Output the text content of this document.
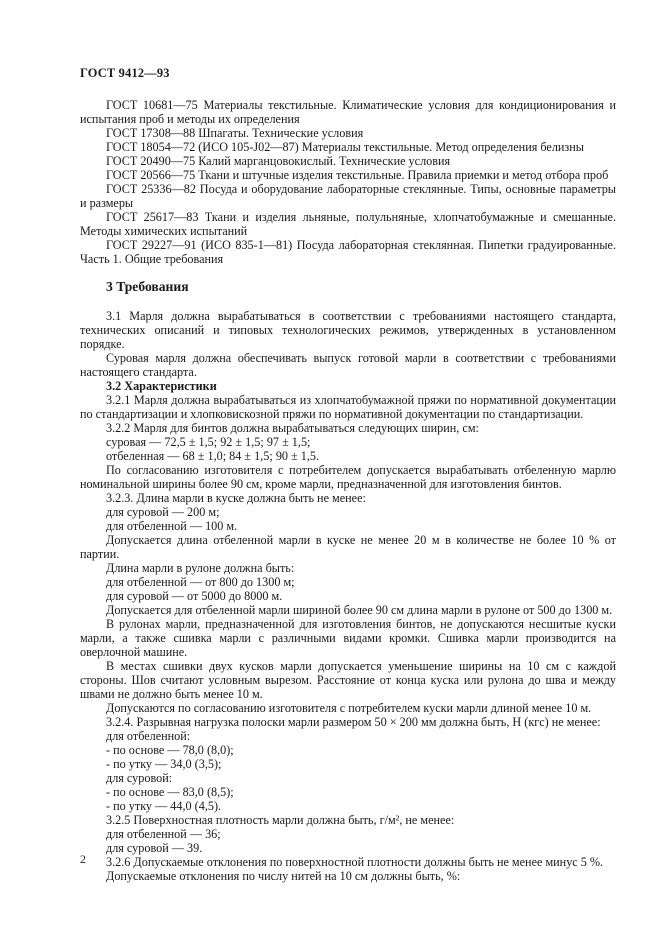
ГОСТ 9412—93

ГОСТ 10681—75 Материалы текстильные. Климатические условия для кондиционирования и испытания проб и методы их определения

ГОСТ 17308—88 Шпагаты. Технические условия

ГОСТ 18054—72 (ИСО 105-J02—87) Материалы текстильные. Метод определения белизны

ГОСТ 20490—75 Калий марганцовокислый. Технические условия

ГОСТ 20566—75 Ткани и штучные изделия текстильные. Правила приемки и метод отбора проб

ГОСТ 25336—82 Посуда и оборудование лабораторные стеклянные. Типы, основные параметры и размеры

ГОСТ 25617—83 Ткани и изделия льняные, полульняные, хлопчатобумажные и смешанные. Методы химических испытаний

ГОСТ 29227—91 (ИСО 835-1—81) Посуда лабораторная стеклянная. Пипетки градуированные. Часть 1. Общие требования

3 Требования

3.1 Марля должна вырабатываться в соответствии с требованиями настоящего стандарта, технических описаний и типовых технологических режимов, утвержденных в установленном порядке.

Суровая марля должна обеспечивать выпуск готовой марли в соответствии с требованиями настоящего стандарта.

3.2 Характеристики

3.2.1 Марля должна вырабатываться из хлопчатобумажной пряжи по нормативной документации по стандартизации и хлопковискозной пряжи по нормативной документации по стандартизации.

3.2.2 Марля для бинтов должна вырабатываться следующих ширин, см:

суровая — 72,5 ± 1,5; 92 ± 1,5; 97 ± 1,5;

отбеленная — 68 ± 1,0; 84 ± 1,5; 90 ± 1,5.

По согласованию изготовителя с потребителем допускается вырабатывать отбеленную марлю номинальной ширины более 90 см, кроме марли, предназначенной для изготовления бинтов.

3.2.3. Длина марли в куске должна быть не менее:

для суровой — 200 м;

для отбеленной — 100 м.

Допускается длина отбеленной марли в куске не менее 20 м в количестве не более 10 % от партии.

Длина марли в рулоне должна быть:

для отбеленной — от 800 до 1300 м;

для суровой — от 5000 до 8000 м.

Допускается для отбеленной марли шириной более 90 см длина марли в рулоне от 500 до 1300 м.

В рулонах марли, предназначенной для изготовления бинтов, не допускаются несшитые куски марли, а также сшивка марли с различными видами кромки. Сшивка марли производится на оверлочной машине.

В местах сшивки двух кусков марли допускается уменьшение ширины на 10 см с каждой стороны. Шов считают условным вырезом. Расстояние от конца куска или рулона до шва и между швами не должно быть менее 10 м.

Допускаются по согласованию изготовителя с потребителем куски марли длиной менее 10 м.

3.2.4. Разрывная нагрузка полоски марли размером 50 × 200 мм должна быть, Н (кгс) не менее:

для отбеленной:

- по основе — 78,0 (8,0);

- по утку — 34,0 (3,5);

для суровой:

- по основе — 83,0 (8,5);

- по утку — 44,0 (4,5).

3.2.5 Поверхностная плотность марли должна быть, г/м², не менее:

для отбеленной — 36;

для суровой — 39.

3.2.6 Допускаемые отклонения по поверхностной плотности должны быть не менее минус 5 %.

Допускаемые отклонения по числу нитей на 10 см должны быть, %:

2
